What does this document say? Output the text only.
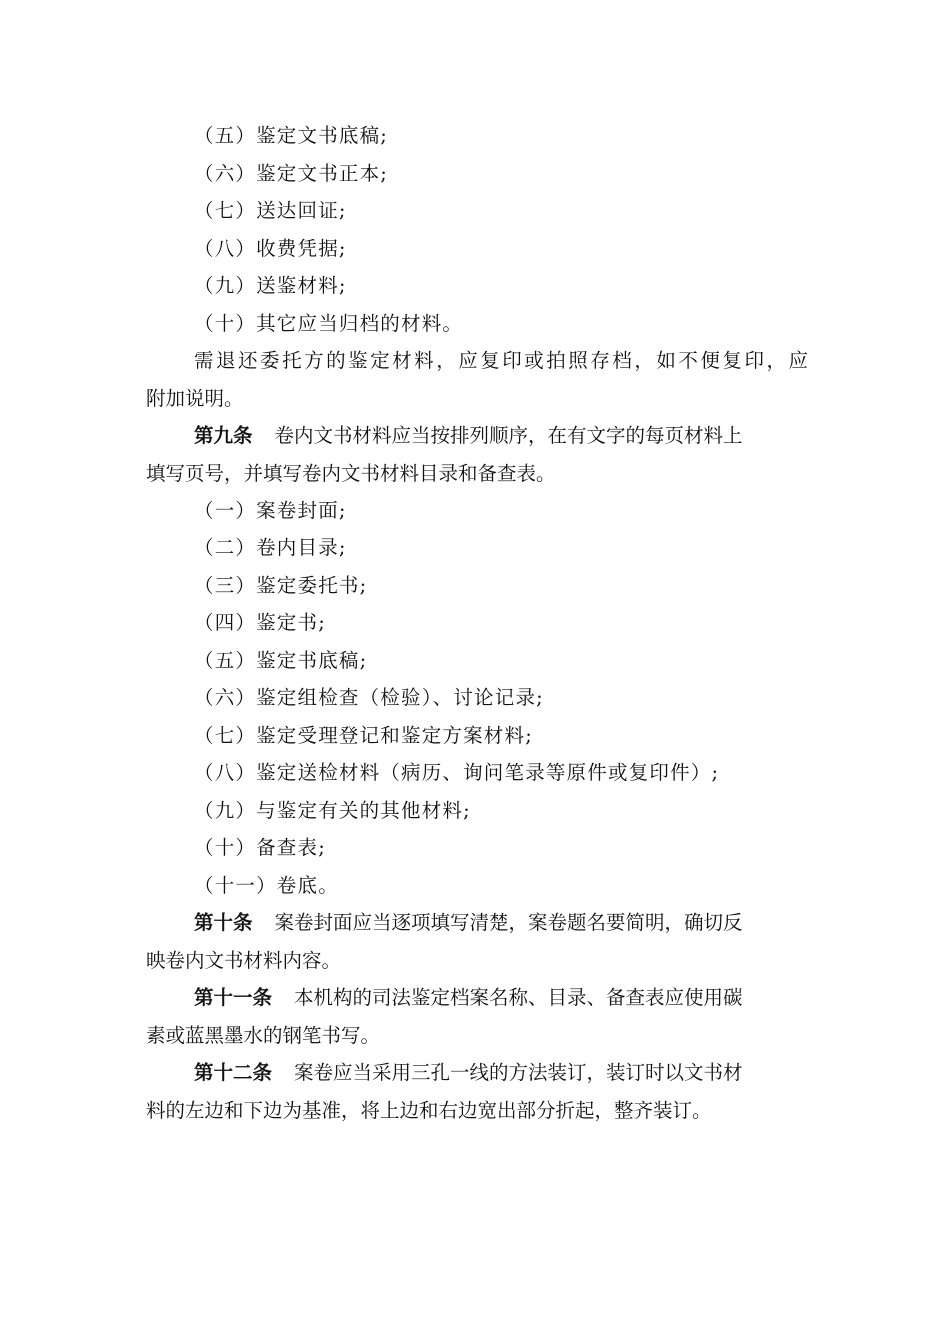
（五）鉴定文书底稿;
（六）鉴定文书正本;
（七）送达回证;
（八）收费凭据;
（九）送鉴材料;
（十）其它应当归档的材料。
需退还委托方的鉴定材料，应复印或拍照存档，如不便复印，应
附加说明。
第九条 卷内文书材料应当按排列顺序，在有文字的每页材料上
填写页号，并填写卷内文书材料目录和备查表。
（一）案卷封面;
（二）卷内目录;
（三）鉴定委托书;
（四）鉴定书;
（五）鉴定书底稿;
（六）鉴定组检查（检验）、讨论记录;
（七）鉴定受理登记和鉴定方案材料;
（八）鉴定送检材料（病历、询问笔录等原件或复印件）;
（九）与鉴定有关的其他材料;
（十）备查表;
（十一）卷底。
第十条 案卷封面应当逐项填写清楚，案卷题名要简明，确切反
映卷内文书材料内容。
第十一条 本机构的司法鉴定档案名称、目录、备查表应使用碳
素或蓝黑墨水的钢笔书写。
第十二条 案卷应当采用三孔一线的方法装订，装订时以文书材
料的左边和下边为基准，将上边和右边宽出部分折起，整齐装订。
